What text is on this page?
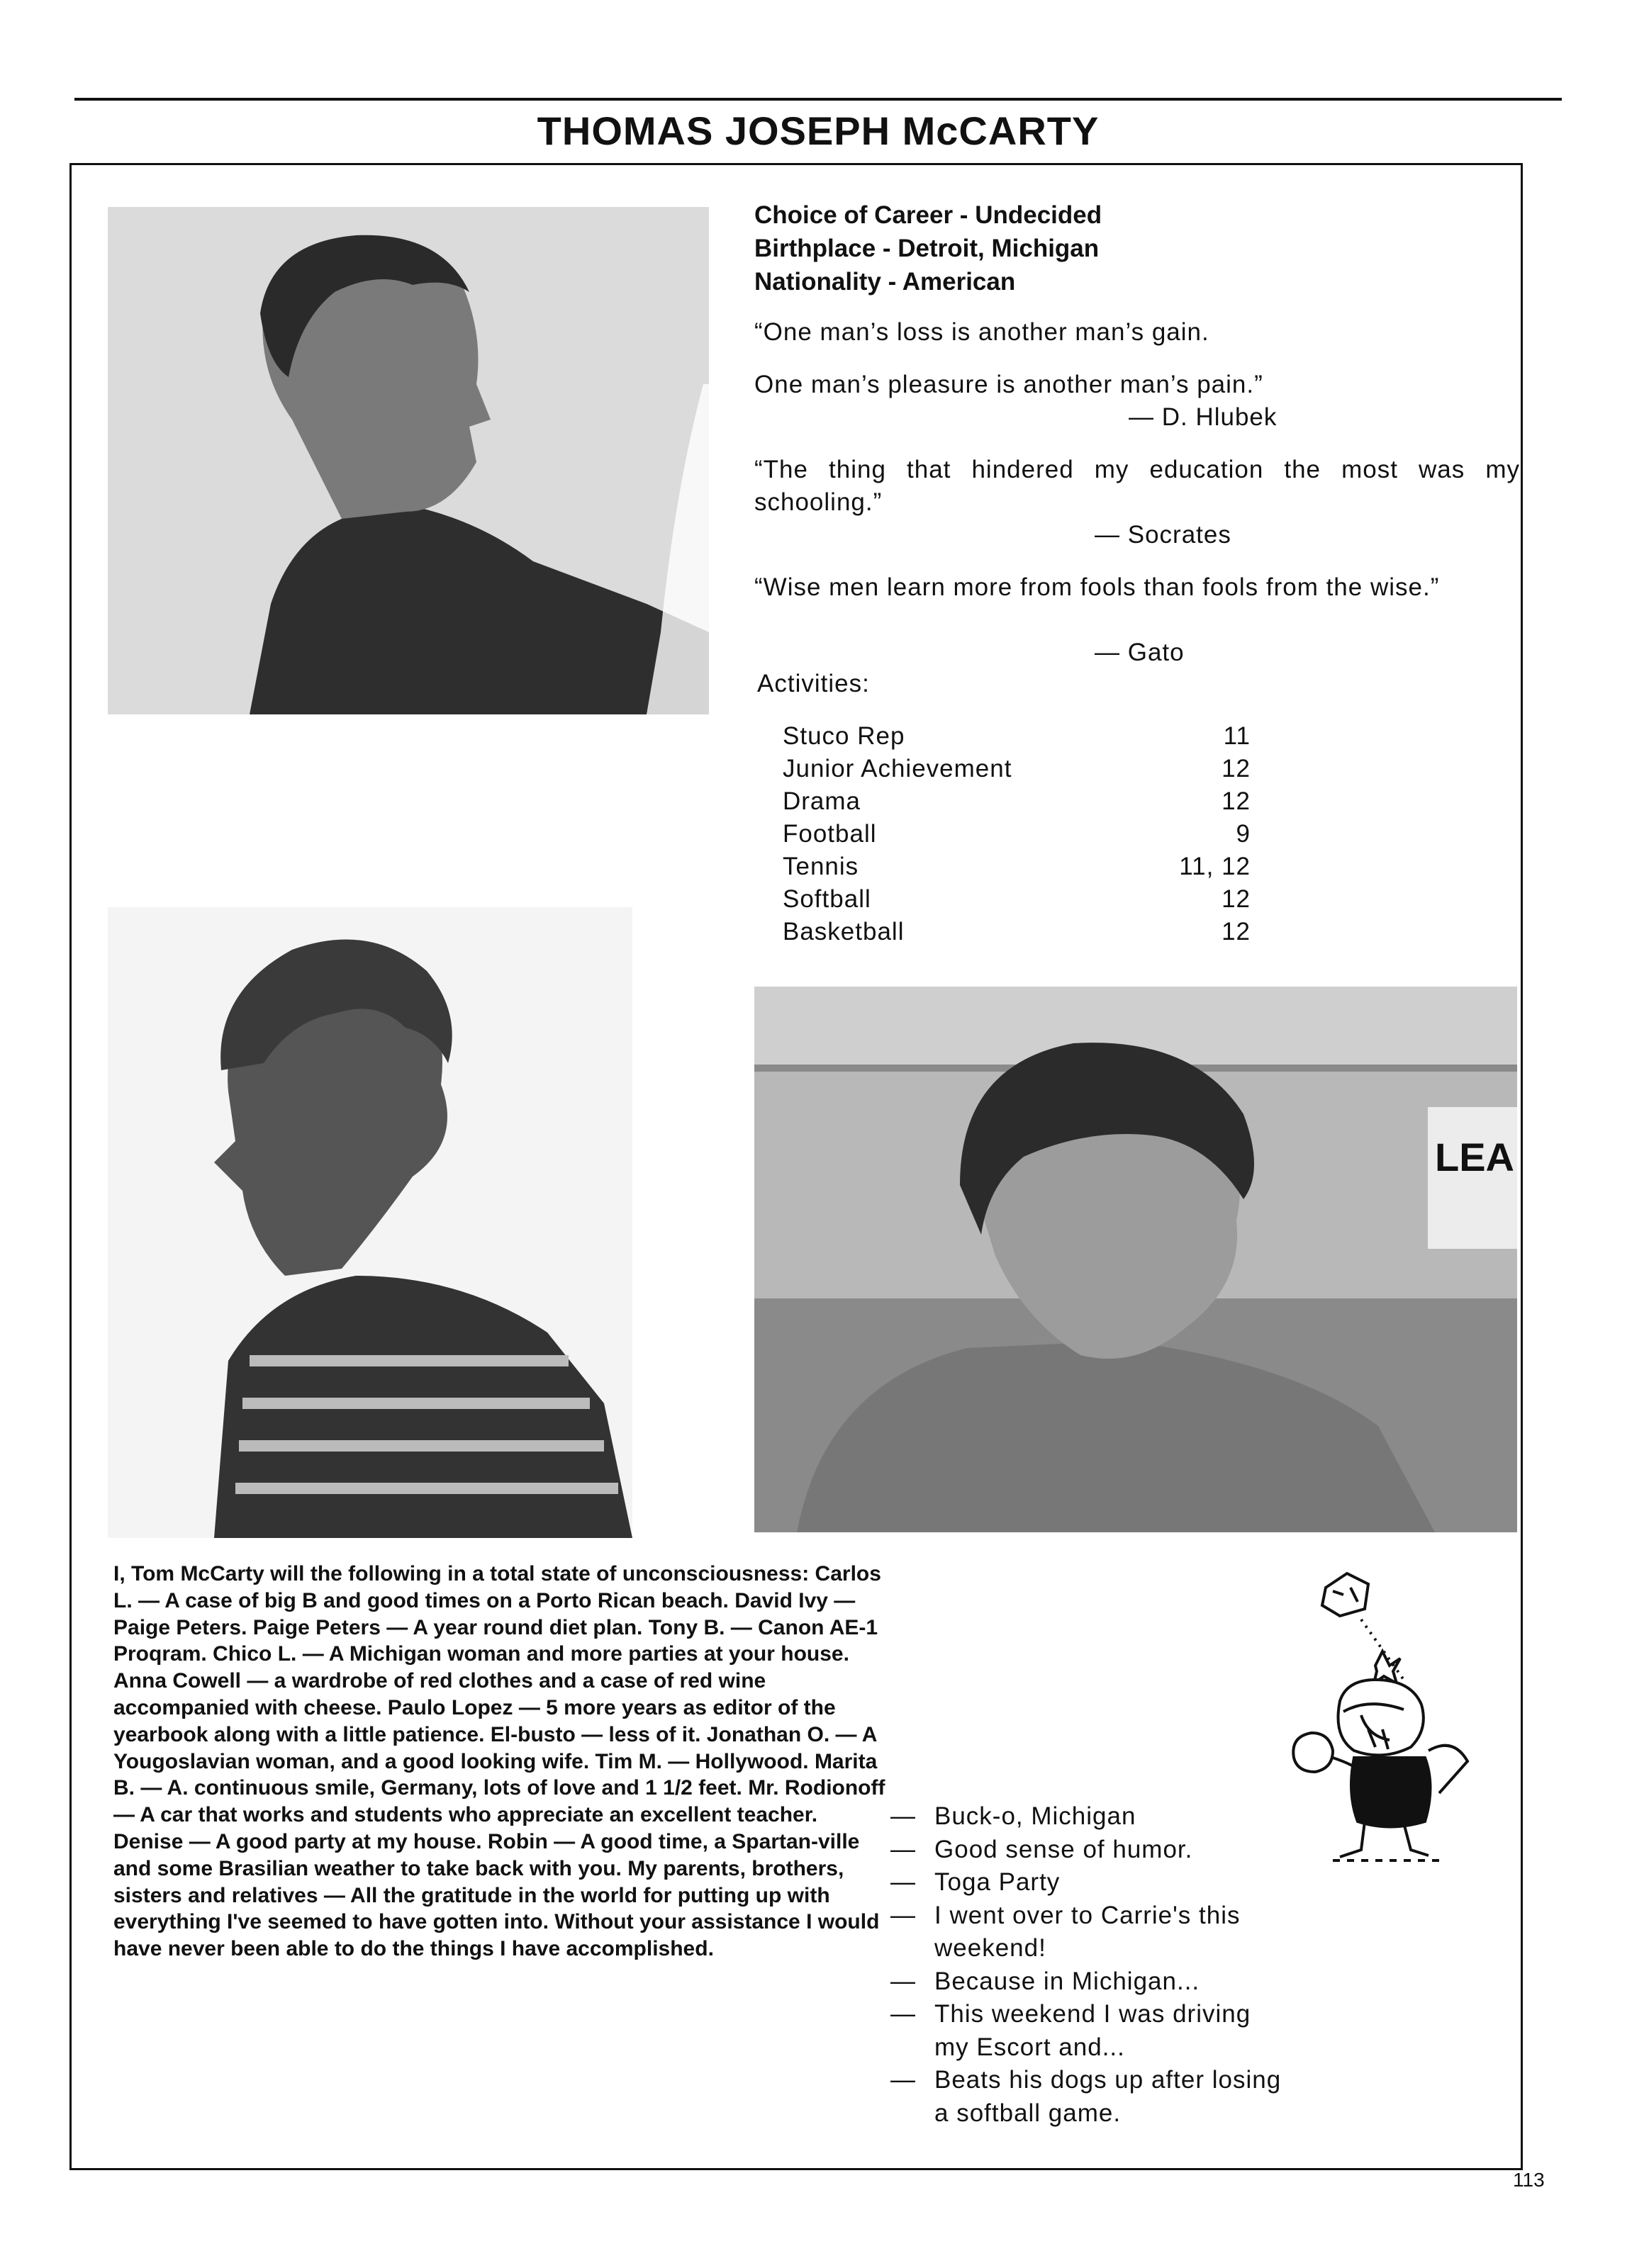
THOMAS JOSEPH McCARTY
LEA
Choice of Career - Undecided
Birthplace - Detroit, Michigan
Nationality - American
“One man’s loss is another man’s gain.
One man’s pleasure is another man’s pain.”
— D. Hlubek
“The thing that hindered my education the most was my schooling.”
— Socrates
“Wise men learn more from fools than fools from the wise.”
— Gato
Activities:
Stuco Rep	11
Junior Achievement	12
Drama	12
Football	9
Tennis	11, 12
Softball	12
Basketball	12
I, Tom McCarty will the following in a total state of unconsciousness: Carlos L. — A case of big B and good times on a Porto Rican beach. David Ivy — Paige Peters. Paige Peters — A year round diet plan. Tony B. — Canon AE-1 Proqram. Chico L. — A Michigan woman and more parties at your house. Anna Cowell — a wardrobe of red clothes and a case of red wine accompanied with cheese. Paulo Lopez — 5 more years as editor of the yearbook along with a little patience. El-busto — less of it. Jonathan O. — A Yougoslavian woman, and a good looking wife. Tim M. — Hollywood. Marita B. — A. continuous smile, Germany, lots of love and 1 1/2 feet. Mr. Rodionoff — A car that works and students who appreciate an excellent teacher. Denise — A good party at my house. Robin — A good time, a Spartan-ville and some Brasilian weather to take back with you. My parents, brothers, sisters and relatives — All the gratitude in the world for putting up with everything I've seemed to have gotten into. Without your assistance I would have never been able to do the things I have accomplished.
— Buck-o, Michigan
— Good sense of humor.
— Toga Party
— I went over to Carrie's this weekend!
— Because in Michigan...
— This weekend I was driving my Escort and...
— Beats his dogs up after losing a softball game.
113
